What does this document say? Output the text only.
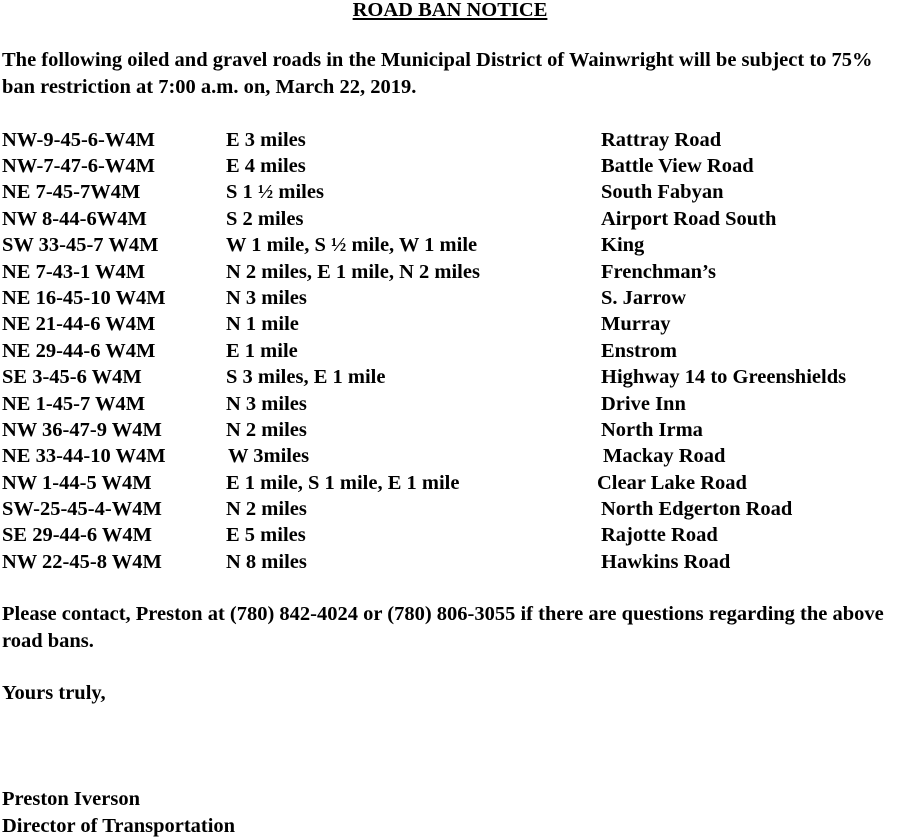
ROAD BAN NOTICE

The following oiled and gravel roads in the Municipal District of Wainwright will be subject to 75% ban restriction at 7:00 a.m. on, March 22, 2019.

NW-9-45-6-W4M	E 3 miles	Rattray Road
NW-7-47-6-W4M	E 4 miles	Battle View Road
NE 7-45-7W4M	S 1 ½ miles	South Fabyan
NW 8-44-6W4M	S 2 miles	Airport Road South
SW 33-45-7 W4M	W 1 mile, S ½ mile, W 1 mile	King
NE 7-43-1 W4M	N 2 miles, E 1 mile, N 2 miles	Frenchman’s
NE 16-45-10 W4M	N 3 miles	S. Jarrow
NE 21-44-6 W4M	N 1 mile	Murray
NE 29-44-6 W4M	E 1 mile	Enstrom
SE 3-45-6 W4M	S 3 miles, E 1 mile	Highway 14 to Greenshields
NE 1-45-7 W4M	N 3 miles	Drive Inn
NW 36-47-9 W4M	N 2 miles	North Irma
NE 33-44-10 W4M	W 3miles	Mackay Road
NW 1-44-5 W4M	E 1 mile, S 1 mile, E 1 mile	Clear Lake Road
SW-25-45-4-W4M	N 2 miles	North Edgerton Road
SE 29-44-6 W4M	E 5 miles	Rajotte Road
NW 22-45-8 W4M	N 8 miles	Hawkins Road

Please contact, Preston at (780) 842-4024 or (780) 806-3055 if there are questions regarding the above road bans.

Yours truly,

Preston Iverson
Director of Transportation
